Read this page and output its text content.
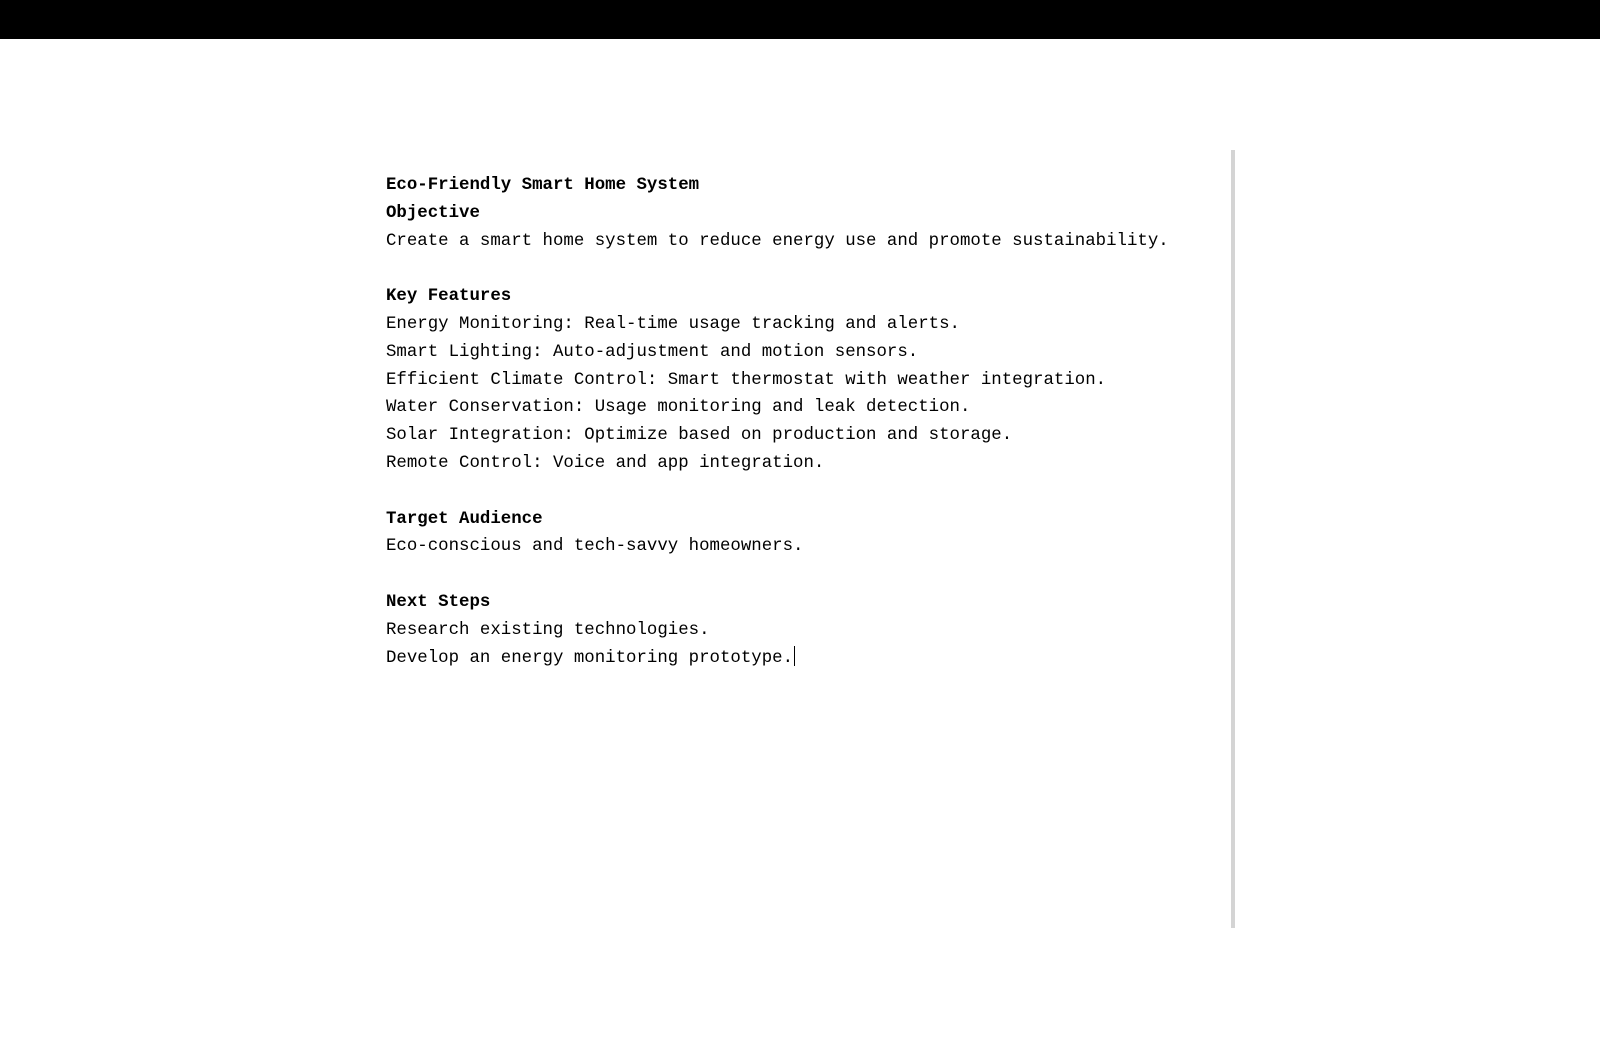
Eco-Friendly Smart Home System
Objective
Create a smart home system to reduce energy use and promote sustainability.
Key Features
Energy Monitoring: Real-time usage tracking and alerts.
Smart Lighting: Auto-adjustment and motion sensors.
Efficient Climate Control: Smart thermostat with weather integration.
Water Conservation: Usage monitoring and leak detection.
Solar Integration: Optimize based on production and storage.
Remote Control: Voice and app integration.
Target Audience
Eco-conscious and tech-savvy homeowners.
Next Steps
Research existing technologies.
Develop an energy monitoring prototype.
